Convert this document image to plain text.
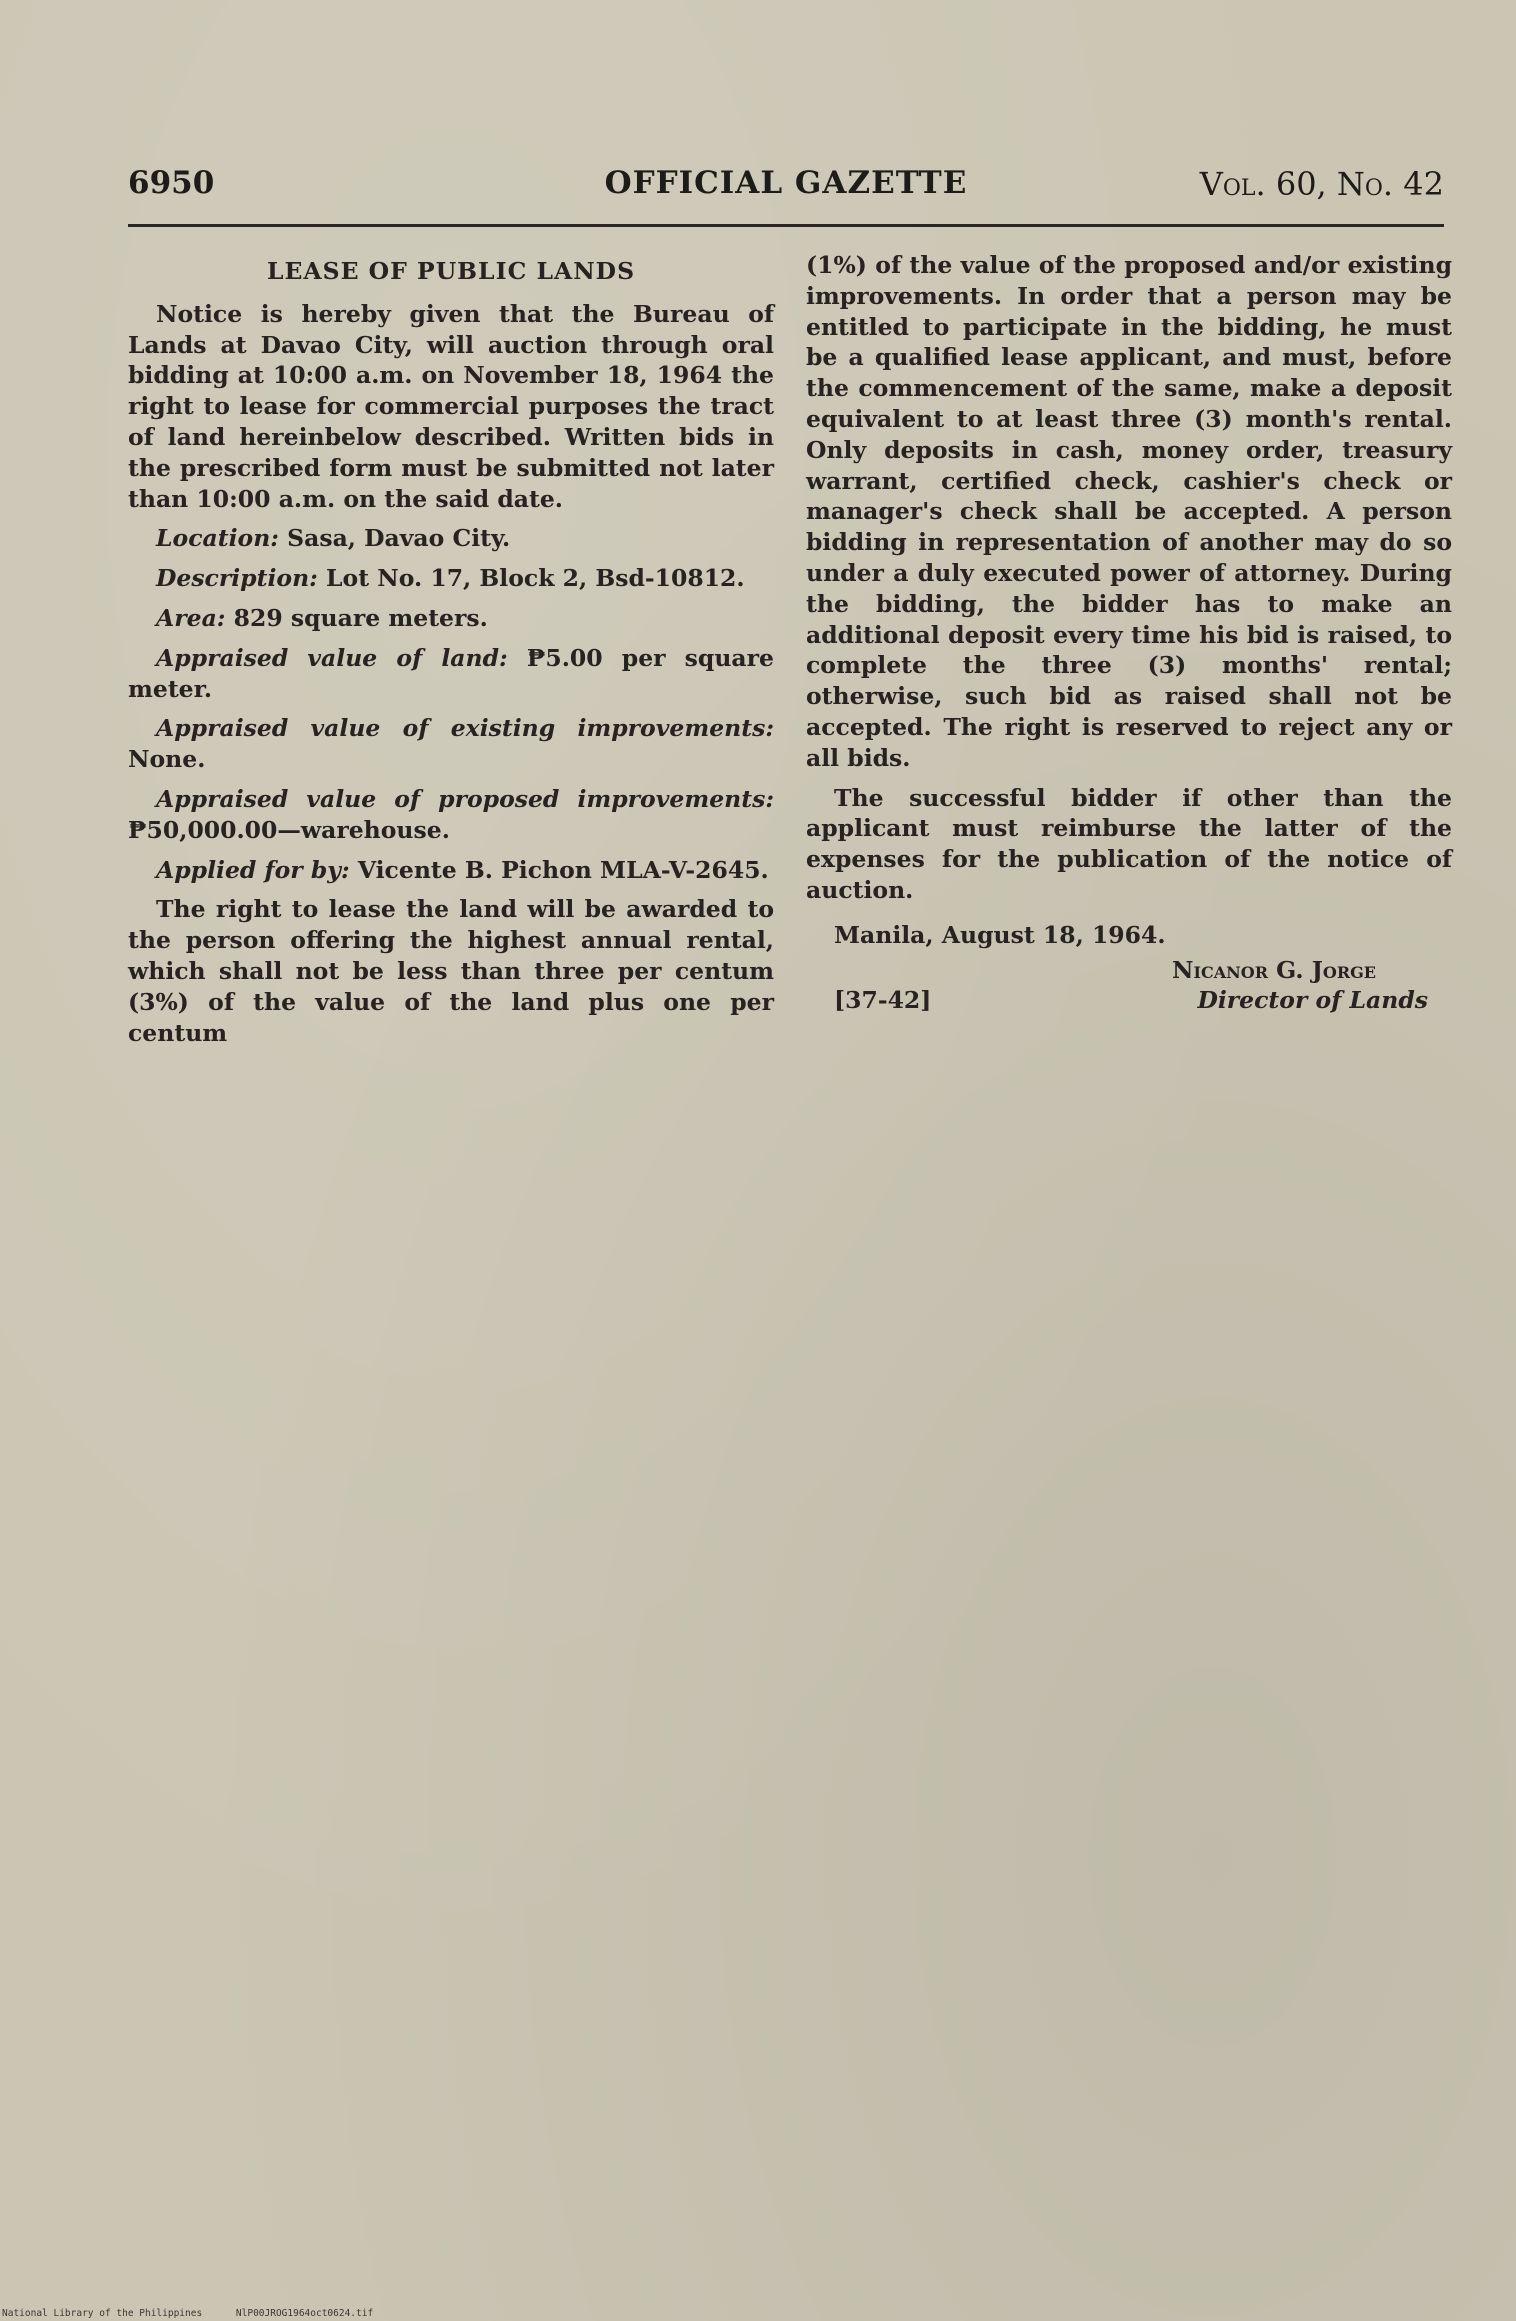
6950	OFFICIAL GAZETTE	Vol. 60, No. 42
LEASE OF PUBLIC LANDS

Notice is hereby given that the Bureau of Lands at Davao City, will auction through oral bidding at 10:00 a.m. on November 18, 1964 the right to lease for commercial purposes the tract of land hereinbelow described. Written bids in the prescribed form must be submitted not later than 10:00 a.m. on the said date.

Location: Sasa, Davao City.
Description: Lot No. 17, Block 2, Bsd-10812.
Area: 829 square meters.
Appraised value of land: ₱5.00 per square meter.
Appraised value of existing improvements: None.
Appraised value of proposed improvements: ₱50,000.00—warehouse.
Applied for by: Vicente B. Pichon MLA-V-2645.

The right to lease the land will be awarded to the person offering the highest annual rental, which shall not be less than three per centum (3%) of the value of the land plus one per centum

(1%) of the value of the proposed and/or existing improvements. In order that a person may be entitled to participate in the bidding, he must be a qualified lease applicant, and must, before the commencement of the same, make a deposit equivalent to at least three (3) month's rental. Only deposits in cash, money order, treasury warrant, certified check, cashier's check or manager's check shall be accepted. A person bidding in representation of another may do so under a duly executed power of attorney. During the bidding, the bidder has to make an additional deposit every time his bid is raised, to complete the three (3) months' rental; otherwise, such bid as raised shall not be accepted. The right is reserved to reject any or all bids.

The successful bidder if other than the applicant must reimburse the latter of the expenses for the publication of the notice of auction.

Manila, August 18, 1964.
Nicanor G. Jorge
[37-42]	Director of Lands
National Library of the Philippines	NlP00JROG1964oct0624.tif
